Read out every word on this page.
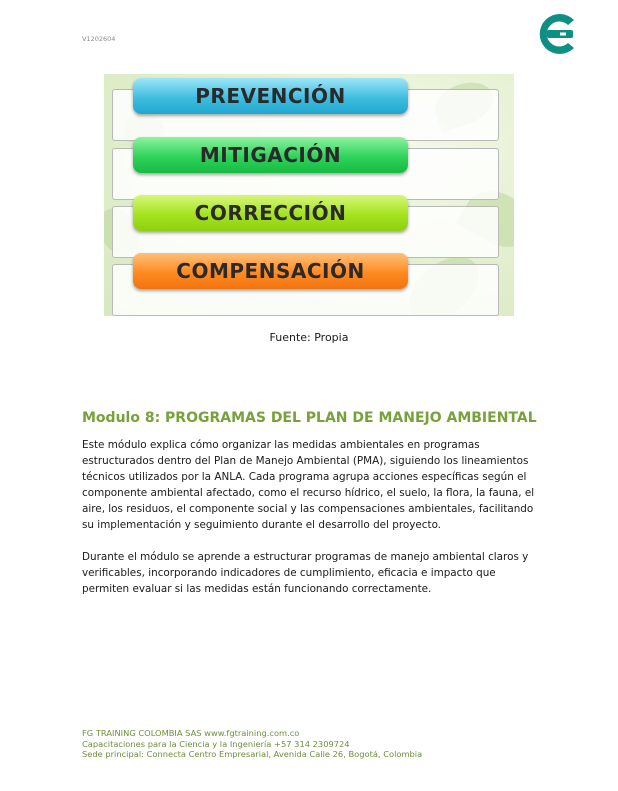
V1202604
PREVENCIÓN
MITIGACIÓN
CORRECCIÓN
COMPENSACIÓN
Fuente: Propia
Modulo 8: PROGRAMAS DEL PLAN DE MANEJO AMBIENTAL

Este módulo explica cómo organizar las medidas ambientales en programas estructurados dentro del Plan de Manejo Ambiental (PMA), siguiendo los lineamientos técnicos utilizados por la ANLA. Cada programa agrupa acciones específicas según el componente ambiental afectado, como el recurso hídrico, el suelo, la flora, la fauna, el aire, los residuos, el componente social y las compensaciones ambientales, facilitando su implementación y seguimiento durante el desarrollo del proyecto.

Durante el módulo se aprende a estructurar programas de manejo ambiental claros y verificables, incorporando indicadores de cumplimiento, eficacia e impacto que permiten evaluar si las medidas están funcionando correctamente.

FG TRAINING COLOMBIA SAS www.fgtraining.com.co
Capacitaciones para la Ciencia y la Ingeniería +57 314 2309724
Sede principal: Connecta Centro Empresarial, Avenida Calle 26, Bogotá, Colombia
